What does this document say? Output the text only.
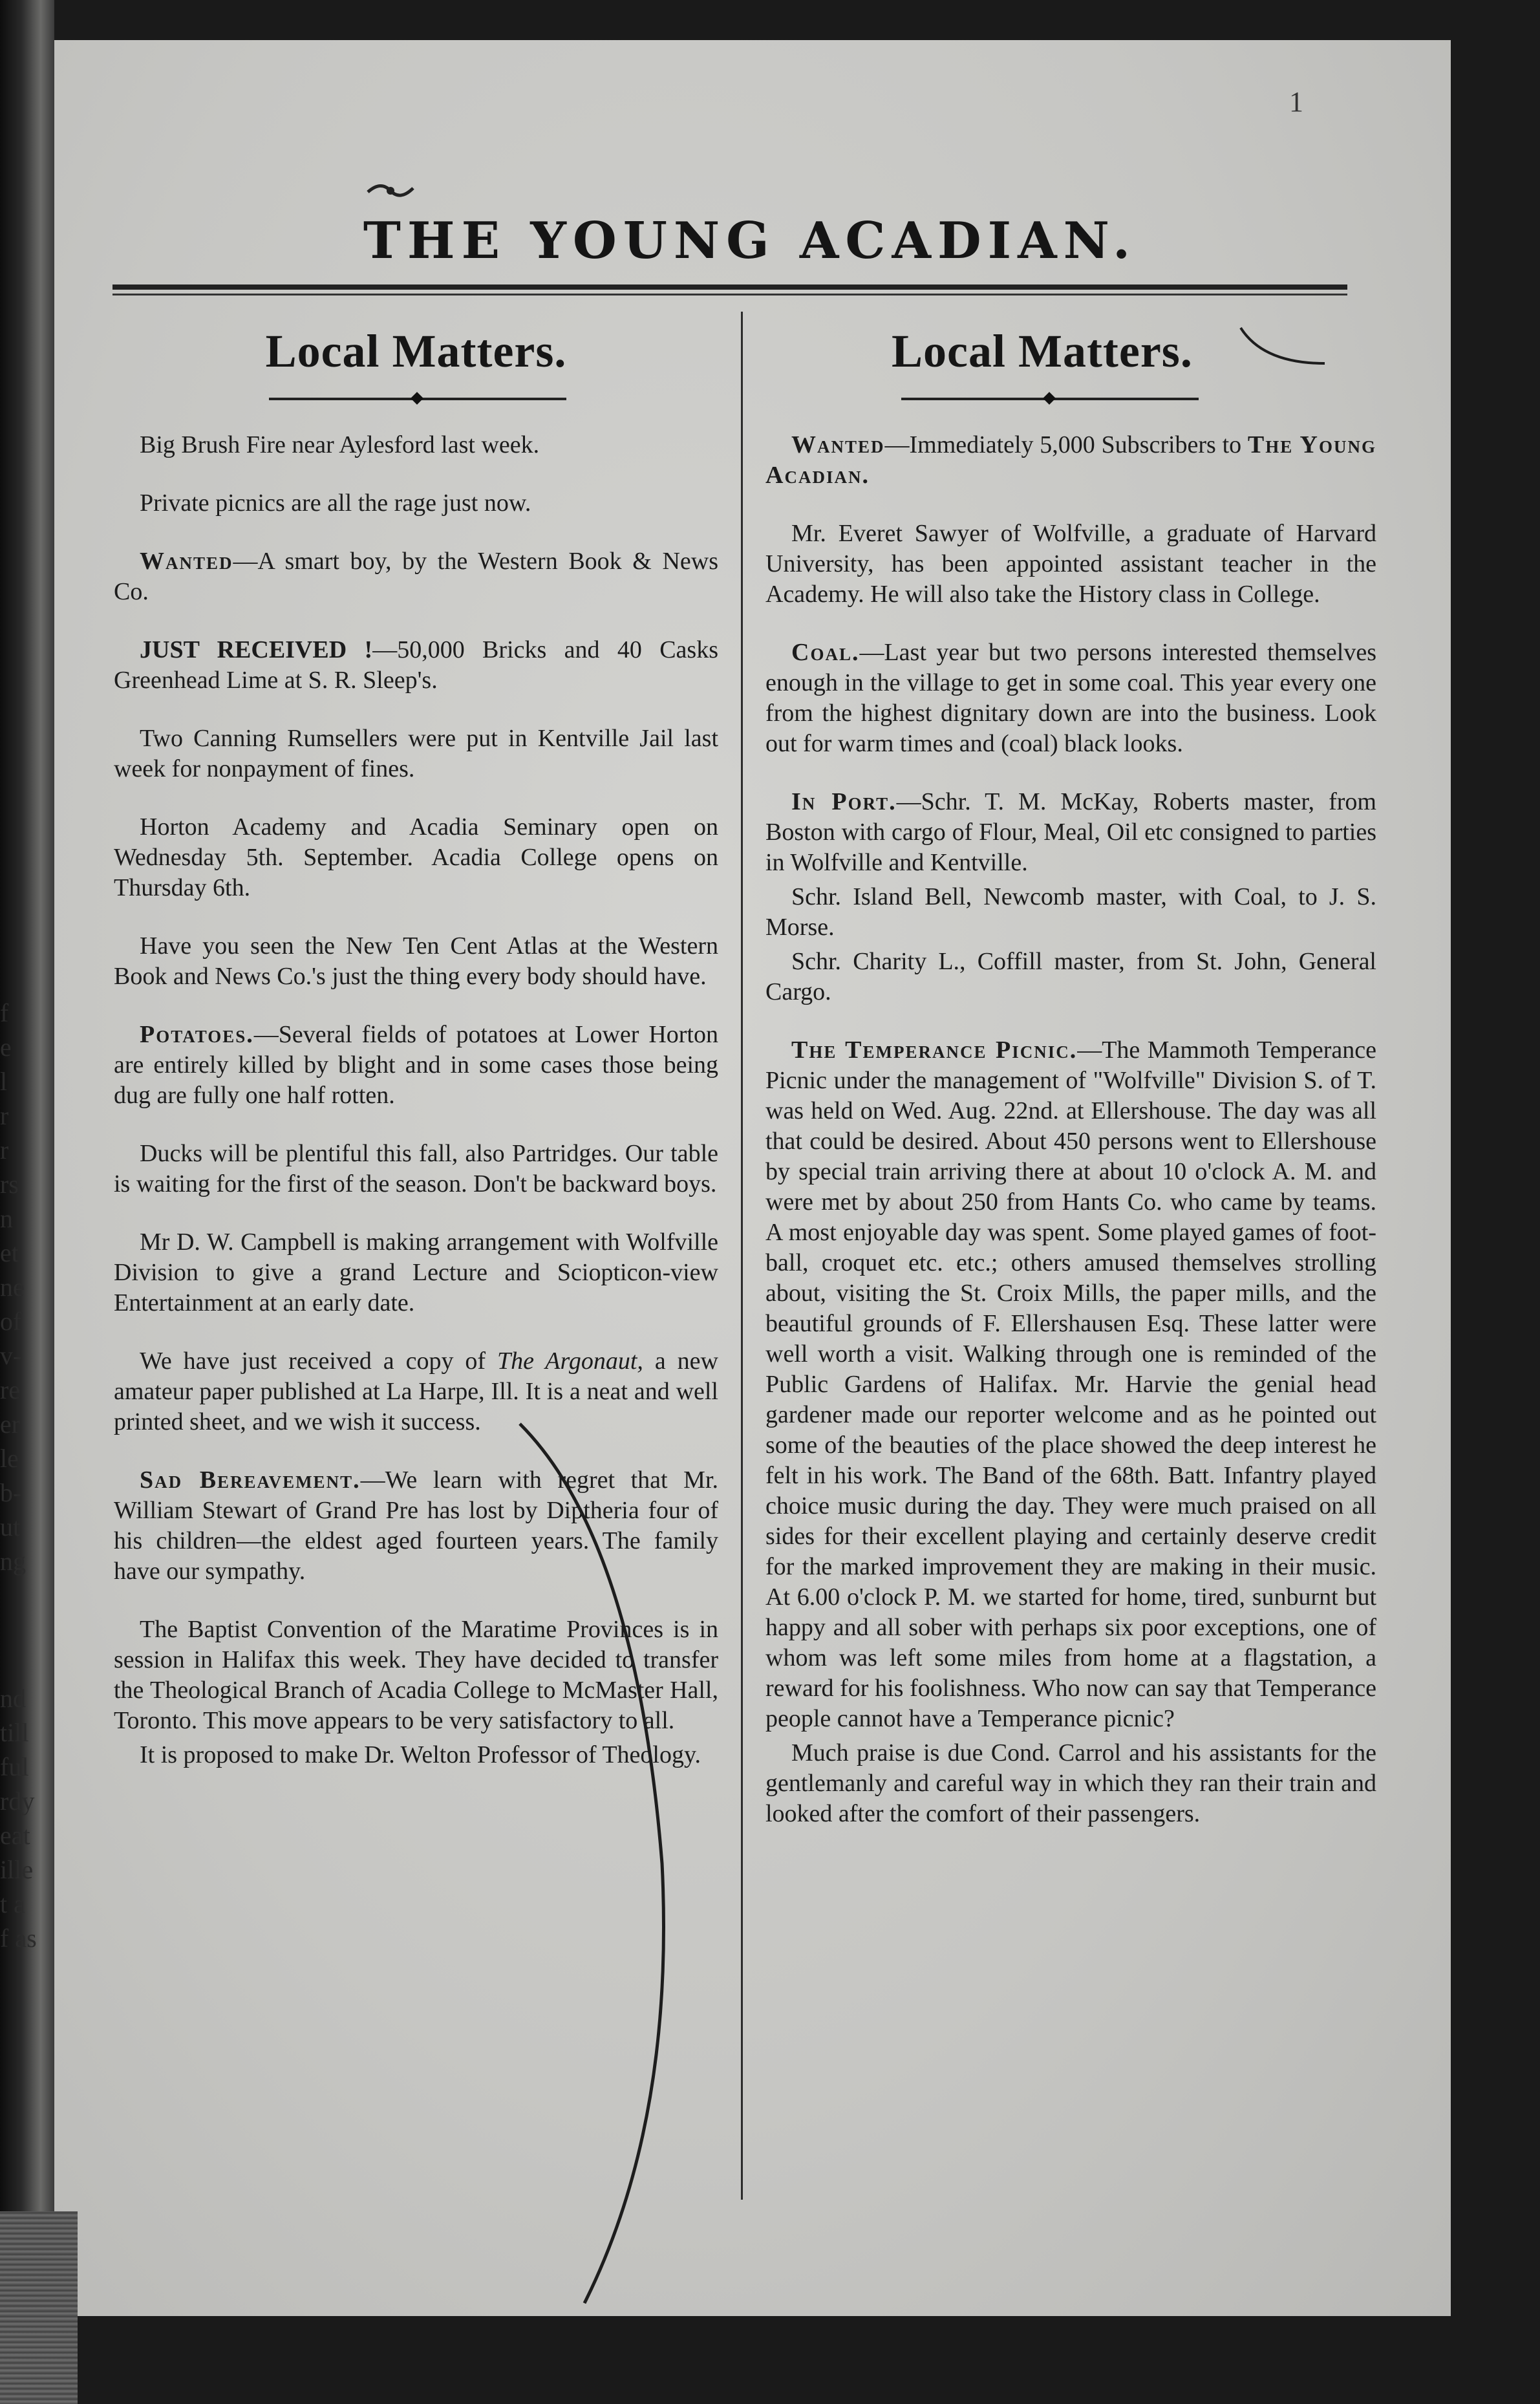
f
e
l
r
r
rs
n
et
ne
of
v-
re
er
le
b-
ut
ng
nd
till
ful
rdy
eat
ille
t a
f as
1
THE YOUNG ACADIAN.
Local Matters.

Big Brush Fire near Aylesford last week.

Private picnics are all the rage just now.

Wanted—A smart boy, by the Western Book & News Co.

JUST RECEIVED !—50,000 Bricks and 40 Casks Greenhead Lime at S. R. Sleep's.

Two Canning Rumsellers were put in Kentville Jail last week for nonpayment of fines.

Horton Academy and Acadia Seminary open on Wednesday 5th. September. Acadia College opens on Thursday 6th.

Have you seen the New Ten Cent Atlas at the Western Book and News Co.'s just the thing every body should have.

Potatoes.—Several fields of potatoes at Lower Horton are entirely killed by blight and in some cases those being dug are fully one half rotten.

Ducks will be plentiful this fall, also Partridges. Our table is waiting for the first of the season. Don't be backward boys.

Mr D. W. Campbell is making arrangement with Wolfville Division to give a grand Lecture and Sciopticon-view Entertainment at an early date.

We have just received a copy of The Argonaut, a new amateur paper published at La Harpe, Ill. It is a neat and well printed sheet, and we wish it success.

Sad Bereavement.—We learn with regret that Mr. William Stewart of Grand Pre has lost by Diptheria four of his children—the eldest aged fourteen years. The family have our sympathy.

The Baptist Convention of the Maratime Provinces is in session in Halifax this week. They have decided to transfer the Theological Branch of Acadia College to McMaster Hall, Toronto. This move appears to be very satisfactory to all.

It is proposed to make Dr. Welton Professor of Theology.

Local Matters.

Wanted—Immediately 5,000 Subscribers to The Young Acadian.

Mr. Everet Sawyer of Wolfville, a graduate of Harvard University, has been appointed assistant teacher in the Academy. He will also take the History class in College.

Coal.—Last year but two persons interested themselves enough in the village to get in some coal. This year every one from the highest dignitary down are into the business. Look out for warm times and (coal) black looks.

In Port.—Schr. T. M. McKay, Roberts master, from Boston with cargo of Flour, Meal, Oil etc consigned to parties in Wolfville and Kentville.

Schr. Island Bell, Newcomb master, with Coal, to J. S. Morse.

Schr. Charity L., Coffill master, from St. John, General Cargo.

The Temperance Picnic.—The Mammoth Temperance Picnic under the management of "Wolfville" Division S. of T. was held on Wed. Aug. 22nd. at Ellershouse. The day was all that could be desired. About 450 persons went to Ellershouse by special train arriving there at about 10 o'clock A. M. and were met by about 250 from Hants Co. who came by teams. A most enjoyable day was spent. Some played games of foot-ball, croquet etc. etc.; others amused themselves strolling about, visiting the St. Croix Mills, the paper mills, and the beautiful grounds of F. Ellershausen Esq. These latter were well worth a visit. Walking through one is reminded of the Public Gardens of Halifax. Mr. Harvie the genial head gardener made our reporter welcome and as he pointed out some of the beauties of the place showed the deep interest he felt in his work. The Band of the 68th. Batt. Infantry played choice music during the day. They were much praised on all sides for their excellent playing and certainly deserve credit for the marked improvement they are making in their music. At 6.00 o'clock P. M. we started for home, tired, sunburnt but happy and all sober with perhaps six poor exceptions, one of whom was left some miles from home at a flagstation, a reward for his foolishness. Who now can say that Temperance people cannot have a Temperance picnic?

Much praise is due Cond. Carrol and his assistants for the gentlemanly and careful way in which they ran their train and looked after the comfort of their passengers.
